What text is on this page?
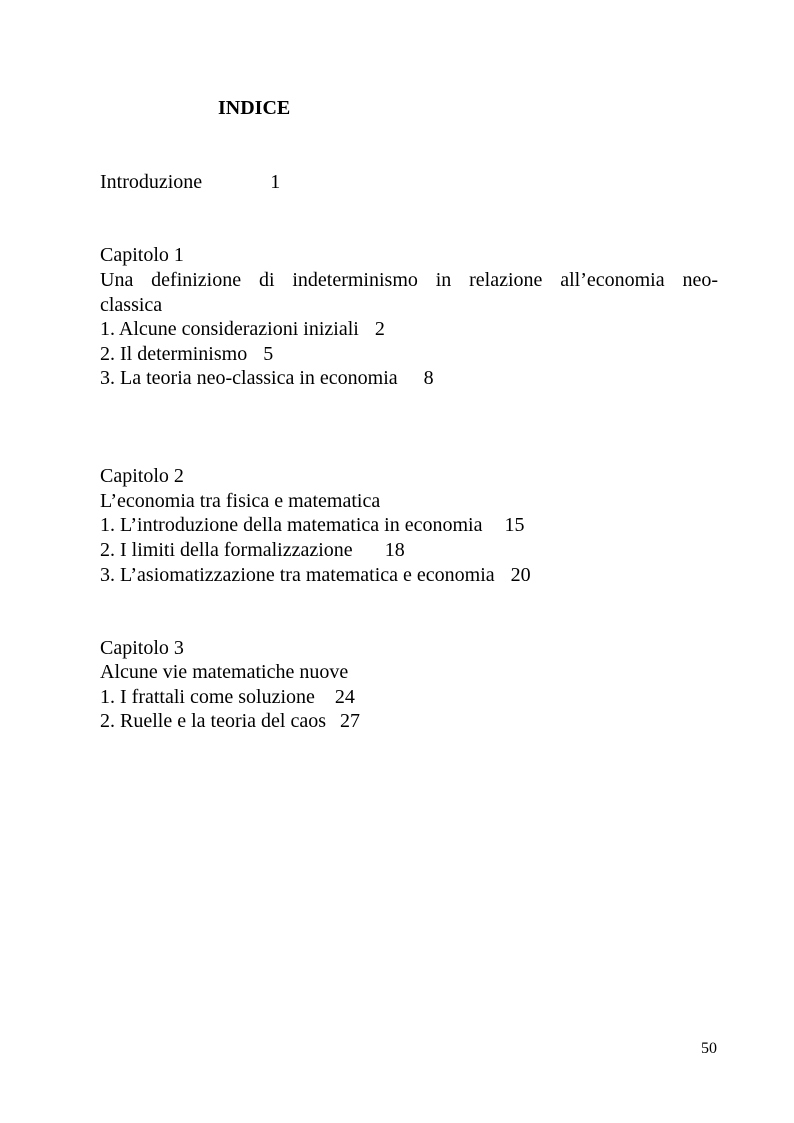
INDICE
Introduzione	1
Capitolo 1
Una definizione di indeterminismo in relazione all’economia neo-
classica
1. Alcune considerazioni iniziali 2
2. Il determinismo 5
3. La teoria neo-classica in economia 8
Capitolo 2
L’economia tra fisica e matematica
1. L’introduzione della matematica in economia 15
2. I limiti della formalizzazione 18
3. L’asiomatizzazione tra matematica e economia 20
Capitolo 3
Alcune vie matematiche nuove
1. I frattali come soluzione 24
2. Ruelle e la teoria del caos 27
50
